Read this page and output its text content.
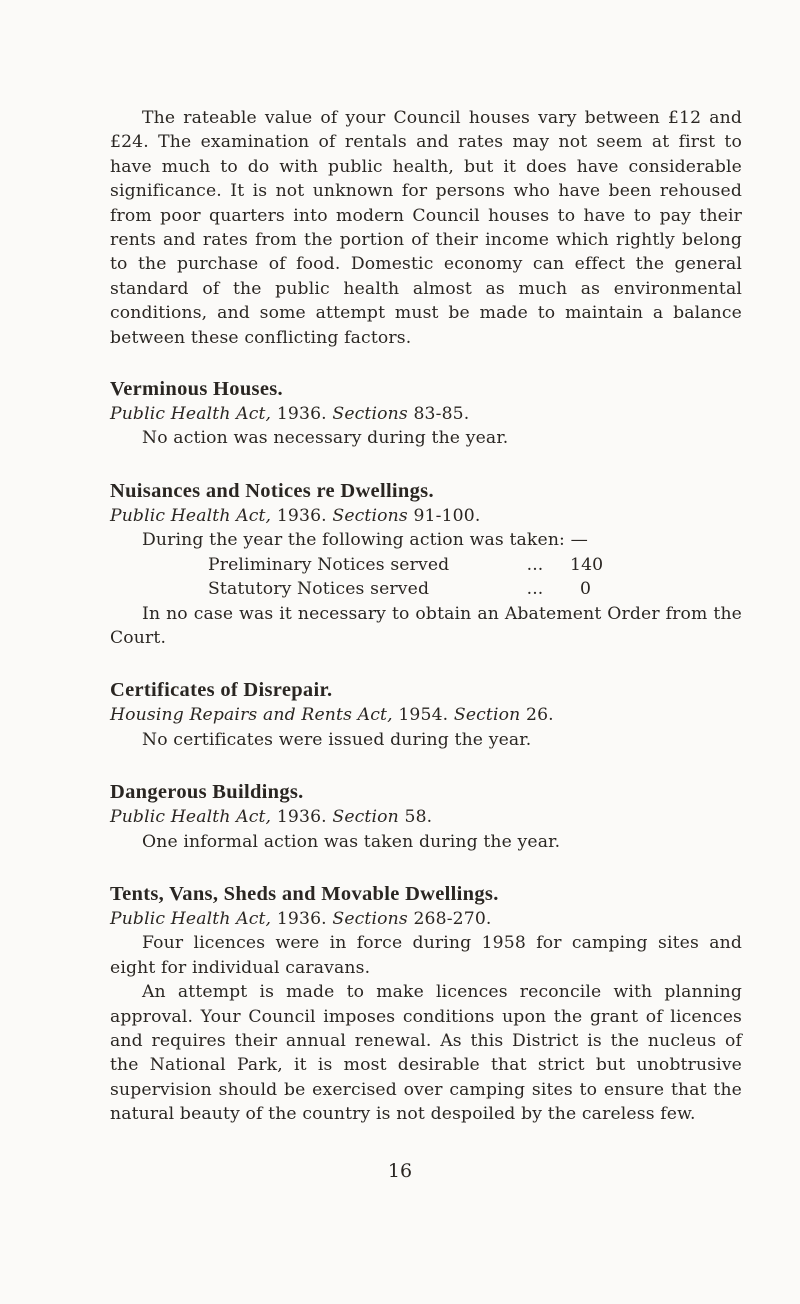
The rateable value of your Council houses vary between £12 and £24. The examination of rentals and rates may not seem at first to have much to do with public health, but it does have considerable significance. It is not unknown for persons who have been rehoused from poor quarters into modern Council houses to have to pay their rents and rates from the portion of their income which rightly belong to the purchase of food. Domestic economy can effect the general standard of the public health almost as much as environmental conditions, and some attempt must be made to maintain a balance between these conflicting factors.

Verminous Houses.

Public Health Act, 1936. Sections 83-85.

No action was necessary during the year.

Nuisances and Notices re Dwellings.

Public Health Act, 1936. Sections 91-100.

During the year the following action was taken: —

Preliminary Notices served	...	140
Statutory Notices served	...	0

In no case was it necessary to obtain an Abatement Order from the Court.

Certificates of Disrepair.

Housing Repairs and Rents Act, 1954. Section 26.

No certificates were issued during the year.

Dangerous Buildings.

Public Health Act, 1936. Section 58.

One informal action was taken during the year.

Tents, Vans, Sheds and Movable Dwellings.

Public Health Act, 1936. Sections 268-270.

Four licences were in force during 1958 for camping sites and eight for individual caravans.

An attempt is made to make licences reconcile with planning approval. Your Council imposes conditions upon the grant of licences and requires their annual renewal. As this District is the nucleus of the National Park, it is most desirable that strict but unobtrusive supervision should be exercised over camping sites to ensure that the natural beauty of the country is not despoiled by the careless few.

16
